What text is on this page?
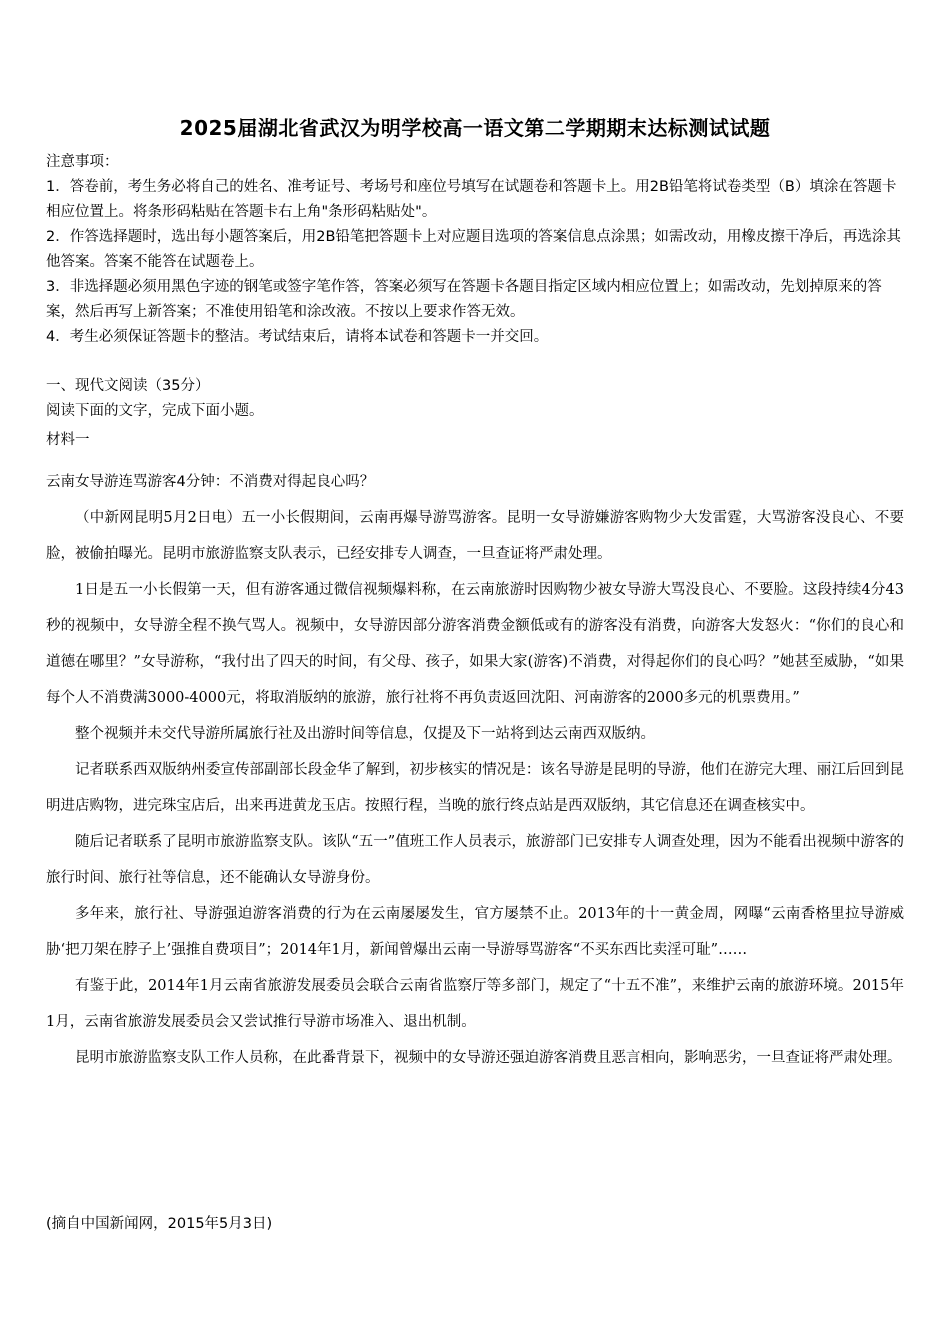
2025届湖北省武汉为明学校高一语文第二学期期末达标测试试题

注意事项：

1．答卷前，考生务必将自己的姓名、准考证号、考场号和座位号填写在试题卷和答题卡上。用2B铅笔将试卷类型（B）填涂在答题卡相应位置上。将条形码粘贴在答题卡右上角"条形码粘贴处"。

2．作答选择题时，选出每小题答案后，用2B铅笔把答题卡上对应题目选项的答案信息点涂黑；如需改动，用橡皮擦干净后，再选涂其他答案。答案不能答在试题卷上。

3．非选择题必须用黑色字迹的钢笔或签字笔作答，答案必须写在答题卡各题目指定区域内相应位置上；如需改动，先划掉原来的答案，然后再写上新答案；不准使用铅笔和涂改液。不按以上要求作答无效。

4．考生必须保证答题卡的整洁。考试结束后，请将本试卷和答题卡一并交回。

一、现代文阅读（35分）

阅读下面的文字，完成下面小题。

材料一

云南女导游连骂游客4分钟：不消费对得起良心吗？

（中新网昆明5月2日电）五一小长假期间，云南再爆导游骂游客。昆明一女导游嫌游客购物少大发雷霆，大骂游客没良心、不要脸，被偷拍曝光。昆明市旅游监察支队表示，已经安排专人调查，一旦查证将严肃处理。

1日是五一小长假第一天，但有游客通过微信视频爆料称，在云南旅游时因购物少被女导游大骂没良心、不要脸。这段持续4分43秒的视频中，女导游全程不换气骂人。视频中，女导游因部分游客消费金额低或有的游客没有消费，向游客大发怒火：“你们的良心和道德在哪里？”女导游称，“我付出了四天的时间，有父母、孩子，如果大家(游客)不消费，对得起你们的良心吗？”她甚至威胁，“如果每个人不消费满3000-4000元，将取消版纳的旅游，旅行社将不再负责返回沈阳、河南游客的2000多元的机票费用。”

整个视频并未交代导游所属旅行社及出游时间等信息，仅提及下一站将到达云南西双版纳。

记者联系西双版纳州委宣传部副部长段金华了解到，初步核实的情况是：该名导游是昆明的导游，他们在游完大理、丽江后回到昆明进店购物，进完珠宝店后，出来再进黄龙玉店。按照行程，当晚的旅行终点站是西双版纳，其它信息还在调查核实中。

随后记者联系了昆明市旅游监察支队。该队“五一”值班工作人员表示，旅游部门已安排专人调查处理，因为不能看出视频中游客的旅行时间、旅行社等信息，还不能确认女导游身份。

多年来，旅行社、导游强迫游客消费的行为在云南屡屡发生，官方屡禁不止。2013年的十一黄金周，网曝“云南香格里拉导游威胁‘把刀架在脖子上’强推自费项目”；2014年1月，新闻曾爆出云南一导游辱骂游客“不买东西比卖淫可耻”……

有鉴于此，2014年1月云南省旅游发展委员会联合云南省监察厅等多部门，规定了“十五不准”，来维护云南的旅游环境。2015年1月，云南省旅游发展委员会又尝试推行导游市场准入、退出机制。

昆明市旅游监察支队工作人员称，在此番背景下，视频中的女导游还强迫游客消费且恶言相向，影响恶劣，一旦查证将严肃处理。

(摘自中国新闻网，2015年5月3日)
